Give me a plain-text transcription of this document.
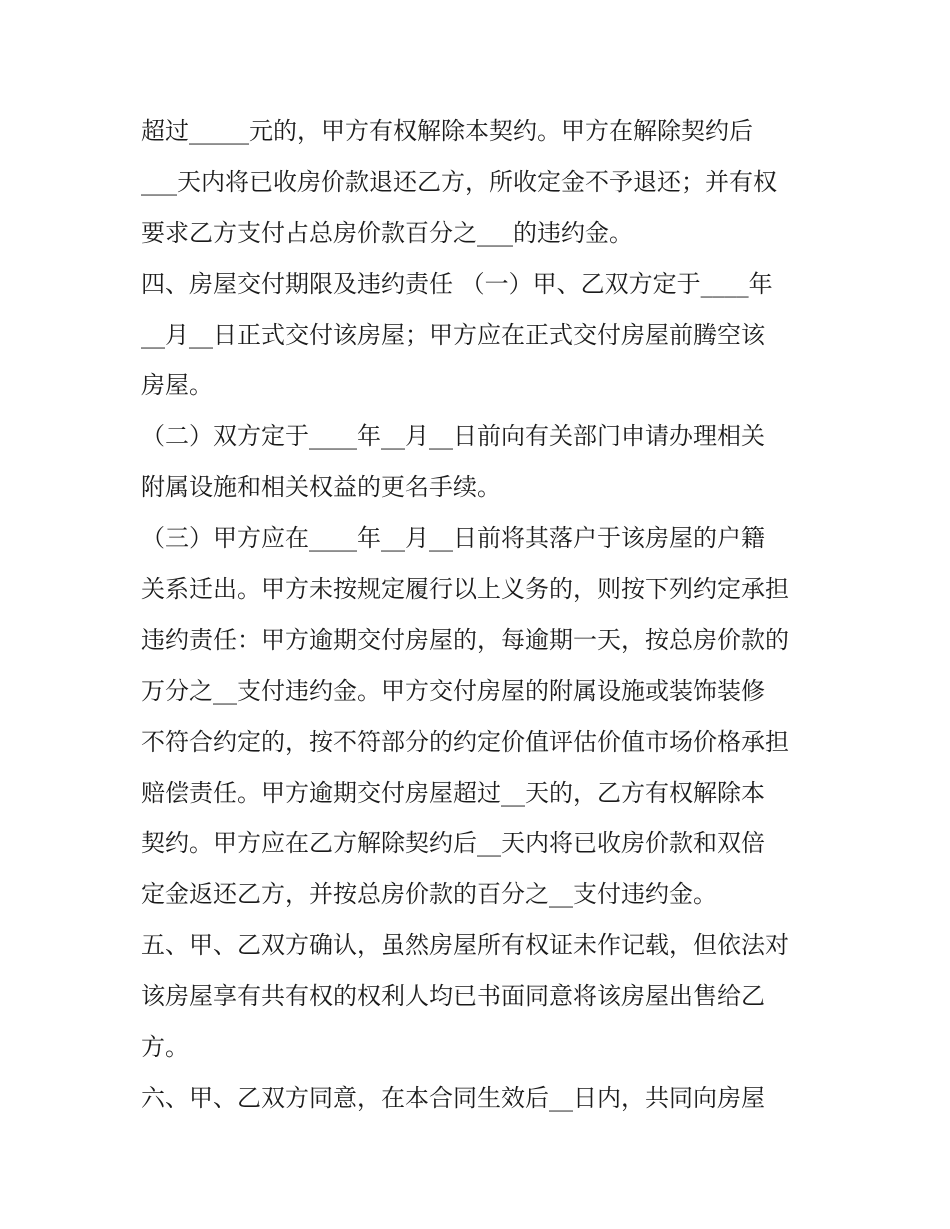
超过_____元的，甲方有权解除本契约。甲方在解除契约后
___天内将已收房价款退还乙方，所收定金不予退还；并有权
要求乙方支付占总房价款百分之___的违约金。
四、房屋交付期限及违约责任 （一）甲、乙双方定于____年
__月__日正式交付该房屋；甲方应在正式交付房屋前腾空该
房屋。
（二）双方定于____年__月__日前向有关部门申请办理相关
附属设施和相关权益的更名手续。
（三）甲方应在____年__月__日前将其落户于该房屋的户籍
关系迁出。甲方未按规定履行以上义务的，则按下列约定承担
违约责任：甲方逾期交付房屋的，每逾期一天，按总房价款的
万分之__支付违约金。甲方交付房屋的附属设施或装饰装修
不符合约定的，按不符部分的约定价值评估价值市场价格承担
赔偿责任。甲方逾期交付房屋超过__天的，乙方有权解除本
契约。甲方应在乙方解除契约后__天内将已收房价款和双倍
定金返还乙方，并按总房价款的百分之__支付违约金。
五、甲、乙双方确认，虽然房屋所有权证未作记载，但依法对
该房屋享有共有权的权利人均已书面同意将该房屋出售给乙
方。
六、甲、乙双方同意，在本合同生效后__日内，共同向房屋
